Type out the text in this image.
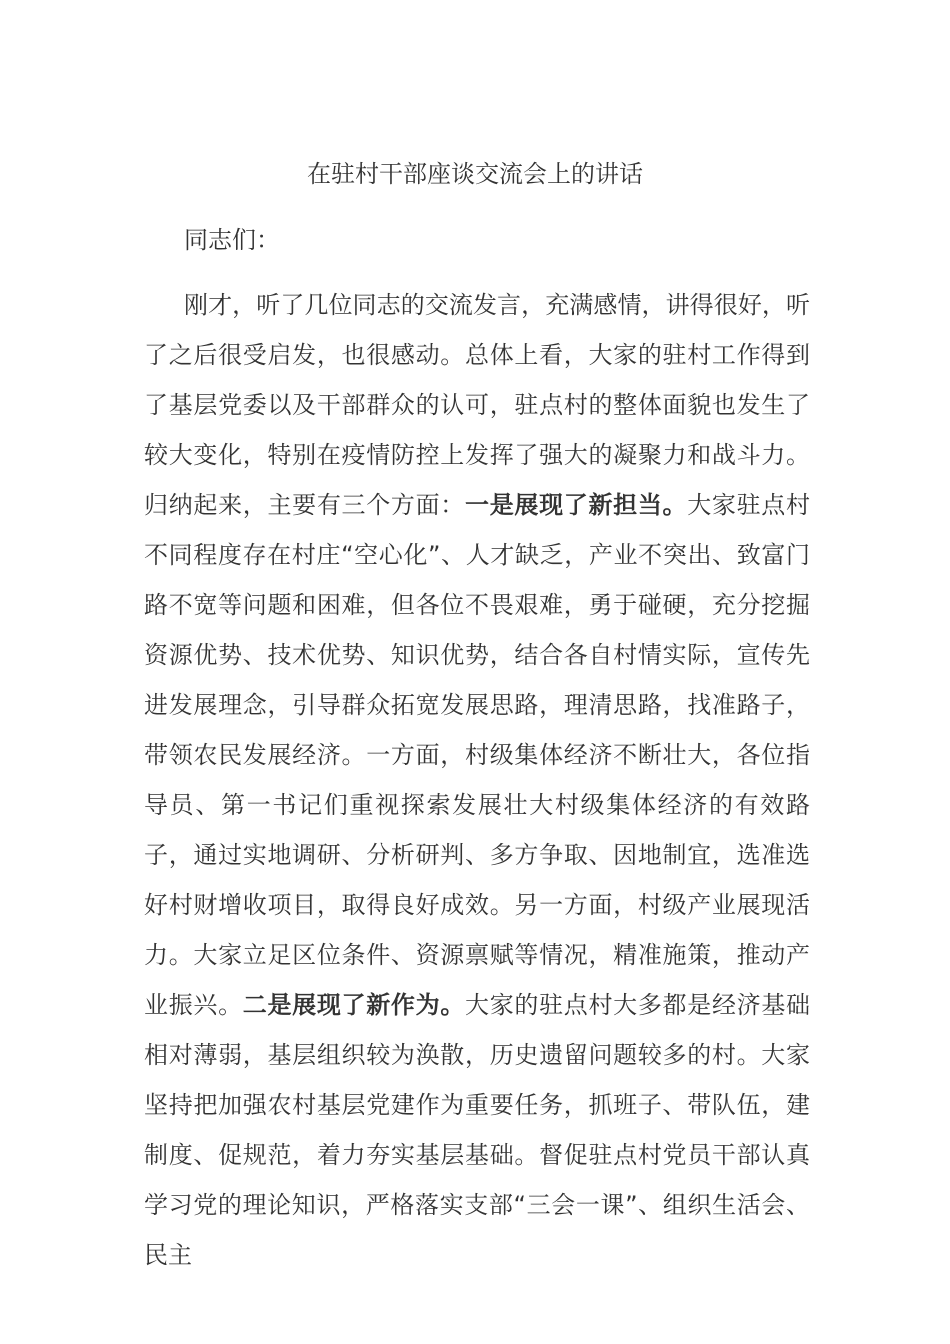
在驻村干部座谈交流会上的讲话
同志们：
刚才，听了几位同志的交流发言，充满感情，讲得很好，听了之后很受启发，也很感动。总体上看，大家的驻村工作得到了基层党委以及干部群众的认可，驻点村的整体面貌也发生了较大变化，特别在疫情防控上发挥了强大的凝聚力和战斗力。归纳起来，主要有三个方面：一是展现了新担当。大家驻点村不同程度存在村庄“空心化”、人才缺乏，产业不突出、致富门路不宽等问题和困难，但各位不畏艰难，勇于碰硬，充分挖掘资源优势、技术优势、知识优势，结合各自村情实际，宣传先进发展理念，引导群众拓宽发展思路，理清思路，找准路子，带领农民发展经济。一方面，村级集体经济不断壮大，各位指导员、第一书记们重视探索发展壮大村级集体经济的有效路子，通过实地调研、分析研判、多方争取、因地制宜，选准选好村财增收项目，取得良好成效。另一方面，村级产业展现活力。大家立足区位条件、资源禀赋等情况，精准施策，推动产业振兴。二是展现了新作为。大家的驻点村大多都是经济基础相对薄弱，基层组织较为涣散，历史遗留问题较多的村。大家坚持把加强农村基层党建作为重要任务，抓班子、带队伍，建制度、促规范，着力夯实基层基础。督促驻点村党员干部认真学习党的理论知识，严格落实支部“三会一课”、组织生活会、民主
